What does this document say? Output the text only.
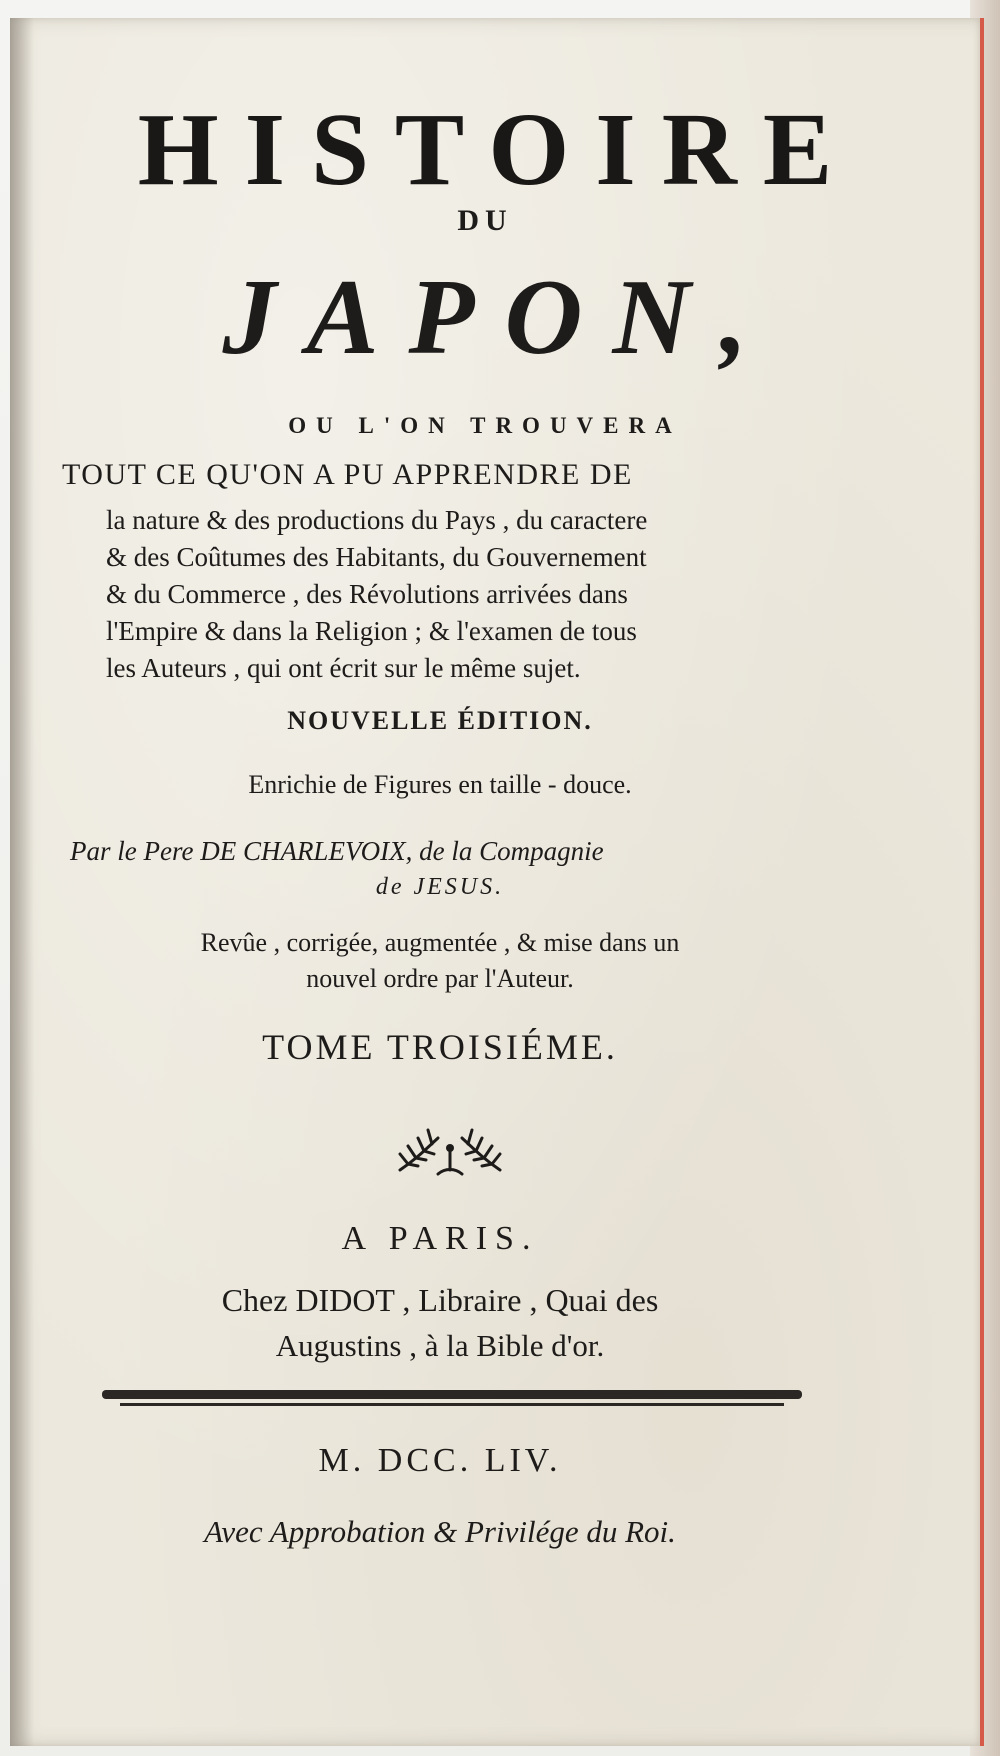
HISTOIRE

DU

JAPON,

OU L'ON TROUVERA

TOUT CE QU'ON A PU APPRENDRE DE

la nature & des productions du Pays , du caractere

& des Coûtumes des Habitants, du Gouvernement

& du Commerce , des Révolutions arrivées dans

l'Empire & dans la Religion ; & l'examen de tous

les Auteurs , qui ont écrit sur le même sujet.

NOUVELLE ÉDITION.

Enrichie de Figures en taille - douce.

Par le Pere DE CHARLEVOIX, de la Compagnie

de JESUS.

Revûe , corrigée, augmentée , & mise dans un

nouvel ordre par l'Auteur.

TOME TROISIÉME.

A PARIS.

Chez DIDOT , Libraire , Quai des

Augustins , à la Bible d'or.

M. DCC. LIV.

Avec Approbation & Privilége du Roi.
